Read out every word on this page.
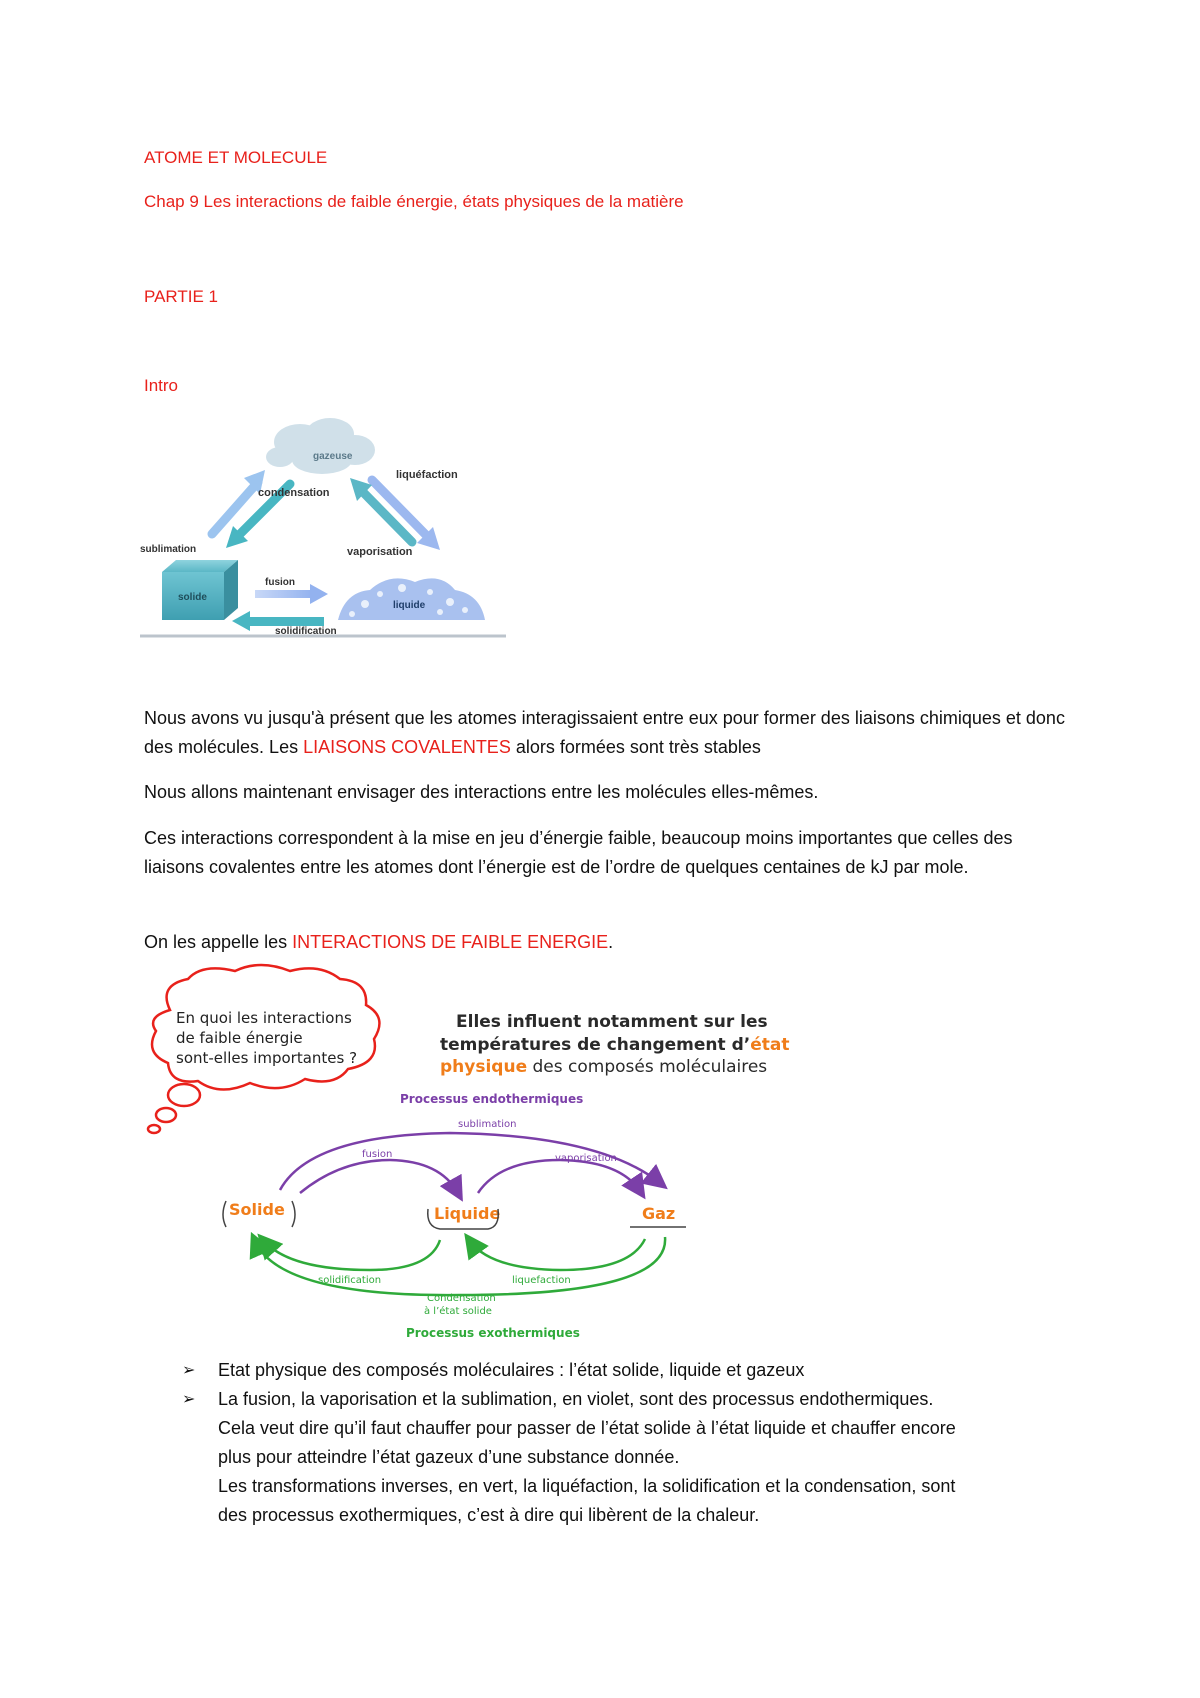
ATOME ET MOLECULE
Chap 9 Les interactions de faible énergie, états physiques de la matière
PARTIE 1
Intro
gazeuse
condensation
liquéfaction
sublimation	vaporisation
solide
fusion
solidification
liquide

Nous avons vu jusqu'à présent que les atomes interagissaient entre eux pour former des liaisons chimiques et donc des molécules. Les LIAISONS COVALENTES alors formées sont très stables

Nous allons maintenant envisager des interactions entre les molécules elles-mêmes.

Ces interactions correspondent à la mise en jeu d’énergie faible, beaucoup moins importantes que celles des liaisons covalentes entre les atomes dont l’énergie est de l’ordre de quelques centaines de kJ par mole.

On les appelle les INTERACTIONS DE FAIBLE ENERGIE.

En quoi les interactions de faible énergie sont-elles importantes ?
Elles influent notamment sur les
températures de changement d’état
physique des composés moléculaires
Processus endothermiques
sublimation
fusion	vaporisation
Solide	Liquide	Gaz
solidification	liquefaction
Condensation à l’état solide
Processus exothermiques
➢ Etat physique des composés moléculaires : l’état solide, liquide et gazeux
➢ La fusion, la vaporisation et la sublimation, en violet, sont des processus endothermiques.
Cela veut dire qu’il faut chauffer pour passer de l’état solide à l’état liquide et chauffer encore
plus pour atteindre l’état gazeux d’une substance donnée.
Les transformations inverses, en vert, la liquéfaction, la solidification et la condensation, sont
des processus exothermiques, c’est à dire qui libèrent de la chaleur.
